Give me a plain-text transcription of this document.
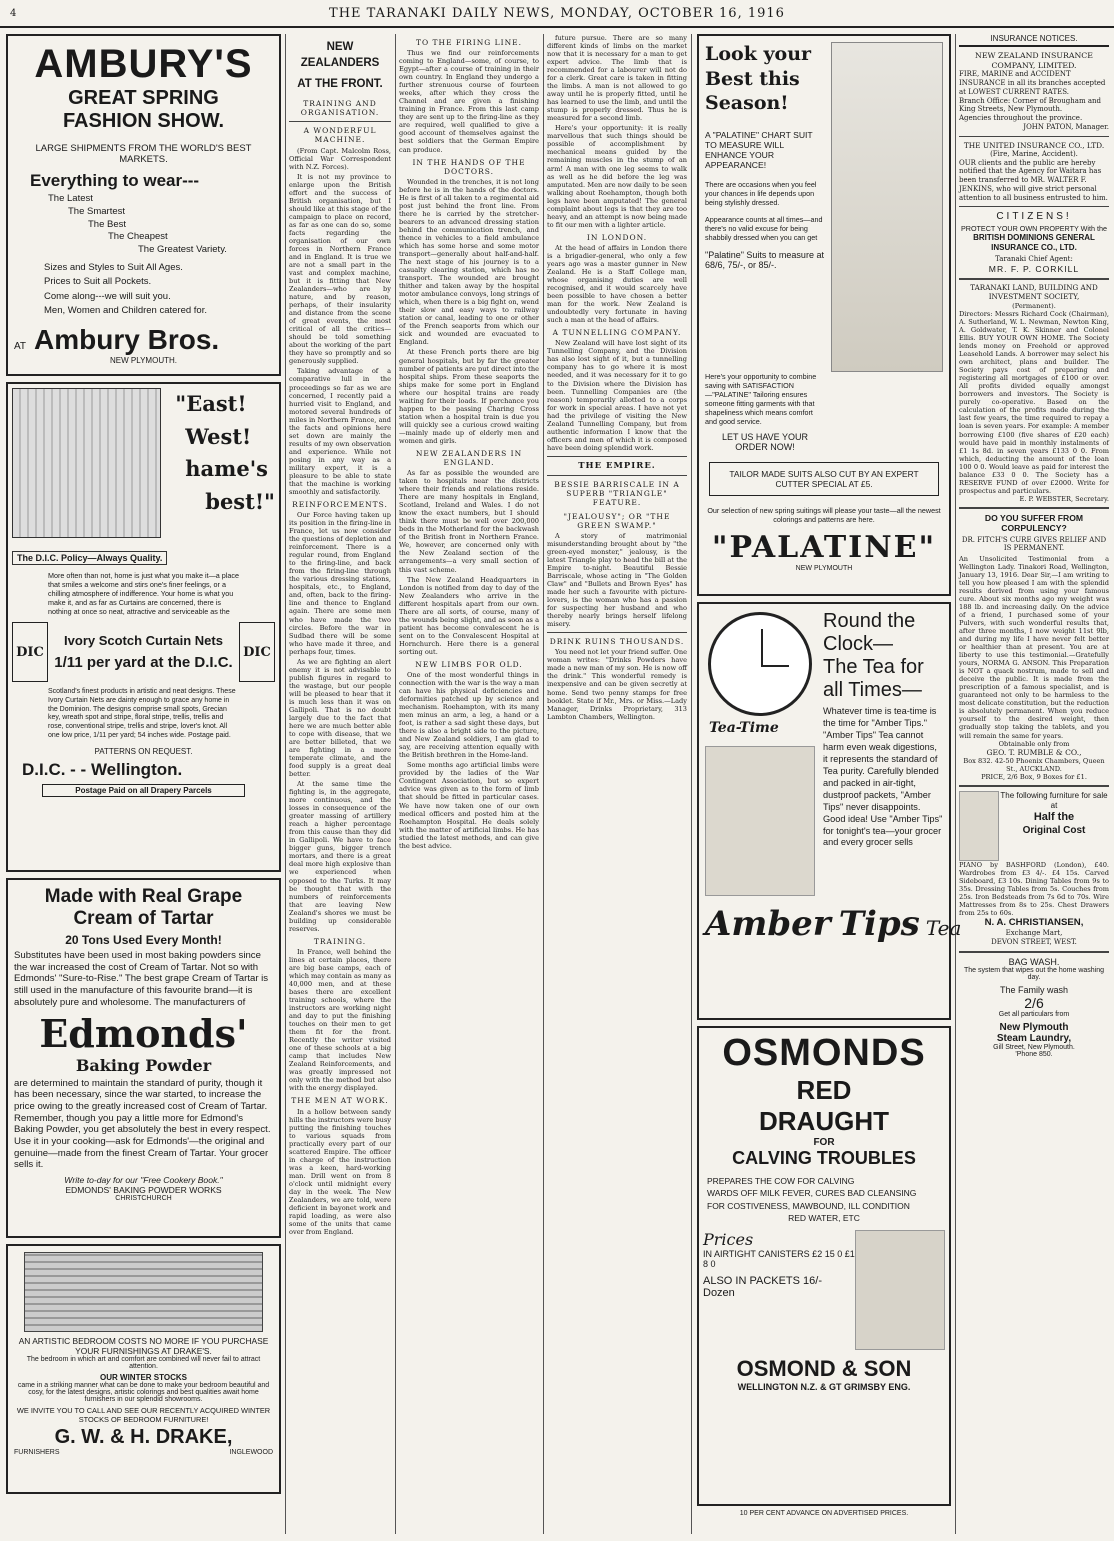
4	THE TARANAKI DAILY NEWS, MONDAY, OCTOBER 16, 1916
AMBURY'S
GREAT SPRING
FASHION SHOW.
LARGE SHIPMENTS FROM THE WORLD'S BEST MARKETS.
Everything to wear---
The Latest
The Smartest
The Best
The Cheapest
The Greatest Variety.
Sizes and Styles to Suit All Ages.
Prices to Suit all Pockets.
Come along---we will suit you.
Men, Women and Children catered for.
AT Ambury Bros.
NEW PLYMOUTH.
"East!
West!
hame's
best!"
The D.I.C. Policy—Always Quality.
More often than not, home is just what you make it—a place that smiles a welcome and stirs one's finer feelings, or a chilling atmosphere of indifference. Your home is what you make it, and as far as Curtains are concerned, there is nothing at once so neat, attractive and serviceable as the
DIC
Ivory Scotch Curtain Nets
1/11 per yard at the D.I.C.
DIC
Scotland's finest products in artistic and neat designs. These Ivory Curtain Nets are dainty enough to grace any home in the Dominion. The designs comprise small spots, Grecian key, wreath spot and stripe, floral stripe, trellis, trellis and rose, conventional stripe, trellis and stripe, lover's knot. All one low price, 1/11 per yard; 54 inches wide. Postage paid.
PATTERNS ON REQUEST.
D.I.C. - - Wellington.
Postage Paid on all Drapery Parcels
Made with Real Grape
Cream of Tartar
20 Tons Used Every Month!
Substitutes have been used in most baking powders since the war increased the cost of Cream of Tartar. Not so with Edmonds' "Sure-to-Rise." The best grape Cream of Tartar is still used in the manufacture of this favourite brand—it is absolutely pure and wholesome. The manufacturers of
Edmonds'
Baking Powder
are determined to maintain the standard of purity, though it has been necessary, since the war started, to increase the price owing to the greatly increased cost of Cream of Tartar. Remember, though you pay a little more for Edmond's Baking Powder, you get absolutely the best in every respect. Use it in your cooking—ask for Edmonds'—the original and genuine—made from the finest Cream of Tartar. Your grocer sells it.
Write to-day for our "Free Cookery Book."
EDMONDS' BAKING POWDER WORKS
CHRISTCHURCH
AN ARTISTIC BEDROOM COSTS NO MORE IF YOU PURCHASE YOUR FURNISHINGS AT DRAKE'S.
The bedroom in which art and comfort are combined will never fail to attract attention.
OUR WINTER STOCKS
came in a striking manner what can be done to make your bedroom beautiful and cosy, for the latest designs, artistic colorings and best qualities await home furnishers in our splendid showrooms.
WE INVITE YOU TO CALL AND SEE OUR RECENTLY ACQUIRED WINTER STOCKS OF BEDROOM FURNITURE!
G. W. & H. DRAKE,
FURNISHERS	INGLEWOOD
NEW ZEALANDERS
AT THE FRONT.
TRAINING AND ORGANISATION.
A WONDERFUL MACHINE.
(From Capt. Malcolm Ross, Official War Correspondent with N.Z. Forces).
It is not my province to enlarge upon the British effort and the success of British organisation, but I should like at this stage of the campaign to place on record, as far as one can do so, some facts regarding the organisation of our own forces in Northern France and in England. It is true we are not a small part in the vast and complex machine, but it is fitting that New Zealanders—who are by nature, and by reason, perhaps, of their insularity and distance from the scene of great events, the most critical of all the critics—should be told something about the working of the part they have so promptly and so generously supplied.
Taking advantage of a comparative lull in the proceedings so far as we are concerned, I recently paid a hurried visit to England, and motored several hundreds of miles in Northern France, and the facts and opinions here set down are mainly the results of my own observation and experience. While not posing in any way as a military expert, it is a pleasure to be able to state that the machine is working smoothly and satisfactorily.
REINFORCEMENTS.
Our Force having taken up its position in the firing-line in France, let us now consider the questions of depletion and reinforcement. There is a regular round, from England to the firing-line, and back from the firing-line through the various dressing stations, hospitals, etc., to England, and, often, back to the firing-line and thence to England again. There are some men who have made the two circles. Before the war in Sudbad there will be some who have made it three, and perhaps four, times.
As we are fighting an alert enemy it is not advisable to publish figures in regard to the wastage, but our people will be pleased to hear that it is much less than it was on Gallipoli. That is no doubt largely due to the fact that here we are much better able to cope with disease, that we are better billeted, that we are fighting in a more temperate climate, and the food supply is a great deal better.
At the same time the fighting is, in the aggregate, more continuous, and the losses in consequence of the greater massing of artillery reach a higher percentage from this cause than they did in Gallipoli. We have to face bigger guns, bigger trench mortars, and there is a great deal more high explosive than we experienced when opposed to the Turks. It may be thought that with the numbers of reinforcements that are leaving New Zealand's shores we must be building up considerable reserves.
TRAINING.
In France, well behind the lines at certain places, there are big base camps, each of which may contain as many as 40,000 men, and at these bases there are excellent training schools, where the instructors are working night and day to put the finishing touches on their men to get them fit for the front. Recently the writer visited one of these schools at a big camp that includes New Zealand Reinforcements, and was greatly impressed not only with the method but also with the energy displayed.
THE MEN AT WORK.
In a hollow between sandy hills the instructors were busy putting the finishing touches to various squads from practically every part of our scattered Empire. The officer in charge of the instruction was a keen, hard-working man. Drill went on from 8 o'clock until midnight every day in the week. The New Zealanders, we are told, were deficient in bayonet work and rapid loading, as were also some of the units that came over from England.
TO THE FIRING LINE.
Thus we find our reinforcements coming to England—some, of course, to Egypt—after a course of training in their own country. In England they undergo a further strenuous course of fourteen weeks, after which they cross the Channel and are given a finishing training in France. From this last camp they are sent up to the firing-line as they are required, well qualified to give a good account of themselves against the best soldiers that the German Empire can produce.
IN THE HANDS OF THE DOCTORS.
Wounded in the trenches, it is not long before he is in the hands of the doctors. He is first of all taken to a regimental aid post just behind the front line. From there he is carried by the stretcher-bearers to an advanced dressing station behind the communication trench, and thence in vehicles to a field ambulance which has some horse and some motor transport—generally about half-and-half. The next stage of his journey is to a casualty clearing station, which has no transport. The wounded are brought thither and taken away by the hospital motor ambulance convoys, long strings of which, when there is a big fight on, wend their slow and easy ways to railway station or canal, leading to one or other of the French seaports from which our sick and wounded are evacuated to England.
At these French ports there are big general hospitals, but by far the greater number of patients are put direct into the hospital ships. From these seaports the ships make for some port in England where our hospital trains are ready waiting for their loads. If perchance you happen to be passing Charing Cross station when a hospital train is due you will quickly see a curious crowd waiting—mainly made up of elderly men and women and girls.
NEW ZEALANDERS IN ENGLAND.
As far as possible the wounded are taken to hospitals near the districts where their friends and relations reside. There are many hospitals in England, Scotland, Ireland and Wales. I do not know the exact numbers, but I should think there must be well over 200,000 beds in the Motherland for the backwash of the British front in Northern France. We, however, are concerned only with the New Zealand section of the arrangements—a very small section of this vast scheme.
The New Zealand Headquarters in London is notified from day to day of the New Zealanders who arrive in the different hospitals apart from our own. There are all sorts, of course, many of the wounds being slight, and as soon as a patient has become convalescent he is sent on to the Convalescent Hospital at Hornchurch. Here there is a general sorting out.
NEW LIMBS FOR OLD.
One of the most wonderful things in connection with the war is the way a man can have his physical deficiencies and deformities patched up by science and mechanism. Roehampton, with its many men minus an arm, a leg, a hand or a foot, is rather a sad sight these days, but there is also a bright side to the picture, and New Zealand soldiers, I am glad to say, are receiving attention equally with the British brethren in the Home-land.
Some months ago artificial limbs were provided by the ladies of the War Contingent Association, but so expert advice was given as to the form of limb that should be fitted in particular cases. We have now taken one of our own medical officers and posted him at the Roehampton Hospital. He deals solely with the matter of artificial limbs. He has studied the latest methods, and can give the best advice.
future pursue. There are so many different kinds of limbs on the market now that it is necessary for a man to get expert advice. The limb that is recommended for a labourer will not do for a clerk. Great care is taken in fitting the limbs. A man is not allowed to go away until he is properly fitted, until he has learned to use the limb, and until the stump is properly dressed. Thus he is measured for a second limb.
Here's your opportunity: it is really marvellous that such things should be possible of accomplishment by mechanical means guided by the remaining muscles in the stump of an arm! A man with one leg seems to walk as well as he did before the leg was amputated. Men are now daily to be seen walking about Roehampton, though both legs have been amputated! The general complaint about legs is that they are too heavy, and an attempt is now being made to fit our men with a lighter article.
IN LONDON.
At the head of affairs in London there is a brigadier-general, who only a few years ago was a master gunner in New Zealand. He is a Staff College man, whose organising duties are well recognised, and it would scarcely have been possible to have chosen a better man for the work. New Zealand is undoubtedly very fortunate in having such a man at the head of affairs.
A TUNNELLING COMPANY.
New Zealand will have lost sight of its Tunnelling Company, and the Division has also lost sight of it, but a tunnelling company has to go where it is most needed, and it was necessary for it to go to the Division where the Division has been. Tunnelling Companies are (the reason) temporarily allotted to a corps for work in special areas. I have not yet had the privilege of visiting the New Zealand Tunnelling Company, but from authentic information I know that the officers and men of which it is composed have been doing splendid work.
THE EMPIRE.
BESSIE BARRISCALE IN A SUPERB "TRIANGLE" FEATURE.
"JEALOUSY"; OR "THE GREEN SWAMP."
A story of matrimonial misunderstanding brought about by "the green-eyed monster," jealousy, is the latest Triangle play to head the bill at the Empire to-night. Beautiful Bessie Barriscale, whose acting in "The Golden Claw" and "Bullets and Brown Eyes" has made her such a favourite with picture-lovers, is the woman who has a passion for suspecting her husband and who thereby nearly brings herself lifelong misery.
DRINK RUINS THOUSANDS.
You need not let your friend suffer. One woman writes: "Drinks Powders have made a new man of my son. He is now off the drink." This wonderful remedy is inexpensive and can be given secretly at home. Send two penny stamps for free booklet. State if Mr., Mrs. or Miss.—Lady Manager, Drinks Proprietary, 313 Lambton Chambers, Wellington.
Look your
Best this
Season!
A "PALATINE" CHART SUIT TO MEASURE WILL ENHANCE YOUR APPEARANCE!
There are occasions when you feel your chances in life depends upon being stylishly dressed.
Appearance counts at all times—and there's no valid excuse for being shabbily dressed when you can get
"Palatine" Suits to measure at 68/6, 75/-, or 85/-.
Here's your opportunity to combine saving with SATISFACTION—"PALATINE" Tailoring ensures someone fitting garments with that shapeliness which means comfort and good service.
LET US HAVE YOUR ORDER NOW!
TAILOR MADE SUITS ALSO CUT BY AN EXPERT CUTTER SPECIAL AT £5.
Our selection of new spring suitings will please your taste—all the newest colorings and patterns are here.
"PALATINE"
NEW PLYMOUTH
Tea-Time
Round the
Clock—
The Tea for
all Times—
Whatever time is tea-time is the time for "Amber Tips." "Amber Tips" Tea cannot harm even weak digestions, it represents the standard of Tea purity. Carefully blended and packed in air-tight, dustproof packets, "Amber Tips" never disappoints. Good idea! Use "Amber Tips" for tonight's tea—your grocer and every grocer sells
Amber Tips Tea
OSMONDS
RED
DRAUGHT
FOR
CALVING TROUBLES
PREPARES THE COW FOR CALVING
WARDS OFF MILK FEVER, CURES BAD CLEANSING
FOR COSTIVENESS, MAWBOUND, ILL CONDITION
RED WATER, ETC
Prices
IN AIRTIGHT CANISTERS £2 15 0 £1 8 0
ALSO IN PACKETS 16/- Dozen
OSMOND & SON
WELLINGTON N.Z. & GT GRIMSBY ENG.
10 PER CENT ADVANCE ON ADVERTISED PRICES.
INSURANCE NOTICES.
NEW ZEALAND INSURANCE COMPANY, LIMITED.
FIRE, MARINE and ACCIDENT INSURANCE in all its branches accepted at LOWEST CURRENT RATES.
Branch Office: Corner of Brougham and King Streets, New Plymouth.
Agencies throughout the province.
JOHN PATON, Manager.
THE UNITED INSURANCE CO., LTD.
(Fire, Marine, Accident).
OUR clients and the public are hereby notified that the Agency for Waitara has been transferred to MR. WALTER F. JENKINS, who will give strict personal attention to all business entrusted to him.
CITIZENS!
PROTECT YOUR OWN PROPERTY With the
BRITISH DOMINIONS GENERAL INSURANCE CO., LTD.
Taranaki Chief Agent:
MR. F. P. CORKILL
TARANAKI LAND, BUILDING AND INVESTMENT SOCIETY,
(Permanent).
Directors: Messrs Richard Cock (Chairman), A. Sutherland, W. L. Newman, Newton King, A. Goldwater, T. K. Skinner and Colonel Ellis. BUY YOUR OWN HOME. The Society lends money on Freehold or approved Leasehold Lands. A borrower may select his own architect, plans and builder. The Society pays cost of preparing and registering all mortgages of £100 or over. All profits divided equally amongst borrowers and investors. The Society is purely co-operative. Based on the calculation of the profits made during the last few years, the time required to repay a loan is seven years. For example: A member borrowing £100 (five shares of £20 each) would have paid in monthly instalments of £1 1s 8d. in seven years £133 0 0. From which, deducting the amount of the loan 100 0 0. Would leave as paid for interest the balance £33 0 0. The Society has a RESERVE FUND of over £2000. Write for prospectus and particulars.
E. P. WEBSTER, Secretary.
DO YOU SUFFER FROM CORPULENCY?
DR. FITCH'S CURE GIVES RELIEF AND IS PERMANENT.
An Unsolicited Testimonial from a Wellington Lady. Tinakori Road, Wellington, January 13, 1916. Dear Sir,—I am writing to tell you how pleased I am with the splendid results derived from using your famous cure. About six months ago my weight was 188 lb. and increasing daily. On the advice of a friend, I purchased some of your Pulvers, with such wonderful results that, after three months, I now weight 11st 9lb, and during my life I have never felt better or healthier than at present. You are at liberty to use this testimonial.—Gratefully yours, NORMA G. ANSON. This Preparation is NOT a quack nostrum, made to sell and deceive the public. It is made from the prescription of a famous specialist, and is guaranteed not only to be harmless to the most delicate constitution, but the reduction is absolutely permanent. When you reduce yourself to the desired weight, then gradually stop taking the tablets, and you will remain the same for years.
Obtainable only from
GEO. T. RUMBLE & CO.,
Box 832. 42-50 Phoenix Chambers, Queen St., AUCKLAND.
PRICE, 2/6 Box, 9 Boxes for £1.
The following furniture for sale at
Half the
Original Cost
PIANO by BASHFORD (London), £40. Wardrobes from £3 4/-. £4 15s. Carved Sideboard, £3 10s. Dining Tables from 9s to 35s. Dressing Tables from 5s. Couches from 25s. Iron Bedsteads from 7s 6d to 70s. Wire Mattresses from 8s to 25s. Chest Drawers from 25s to 60s.
N. A. CHRISTIANSEN,
Exchange Mart,
DEVON STREET, WEST.
BAG WASH.
The system that wipes out the home washing day.
The Family wash
2/6
Get all particulars from
New Plymouth
Steam Laundry,
Gill Street, New Plymouth.
'Phone 850.
